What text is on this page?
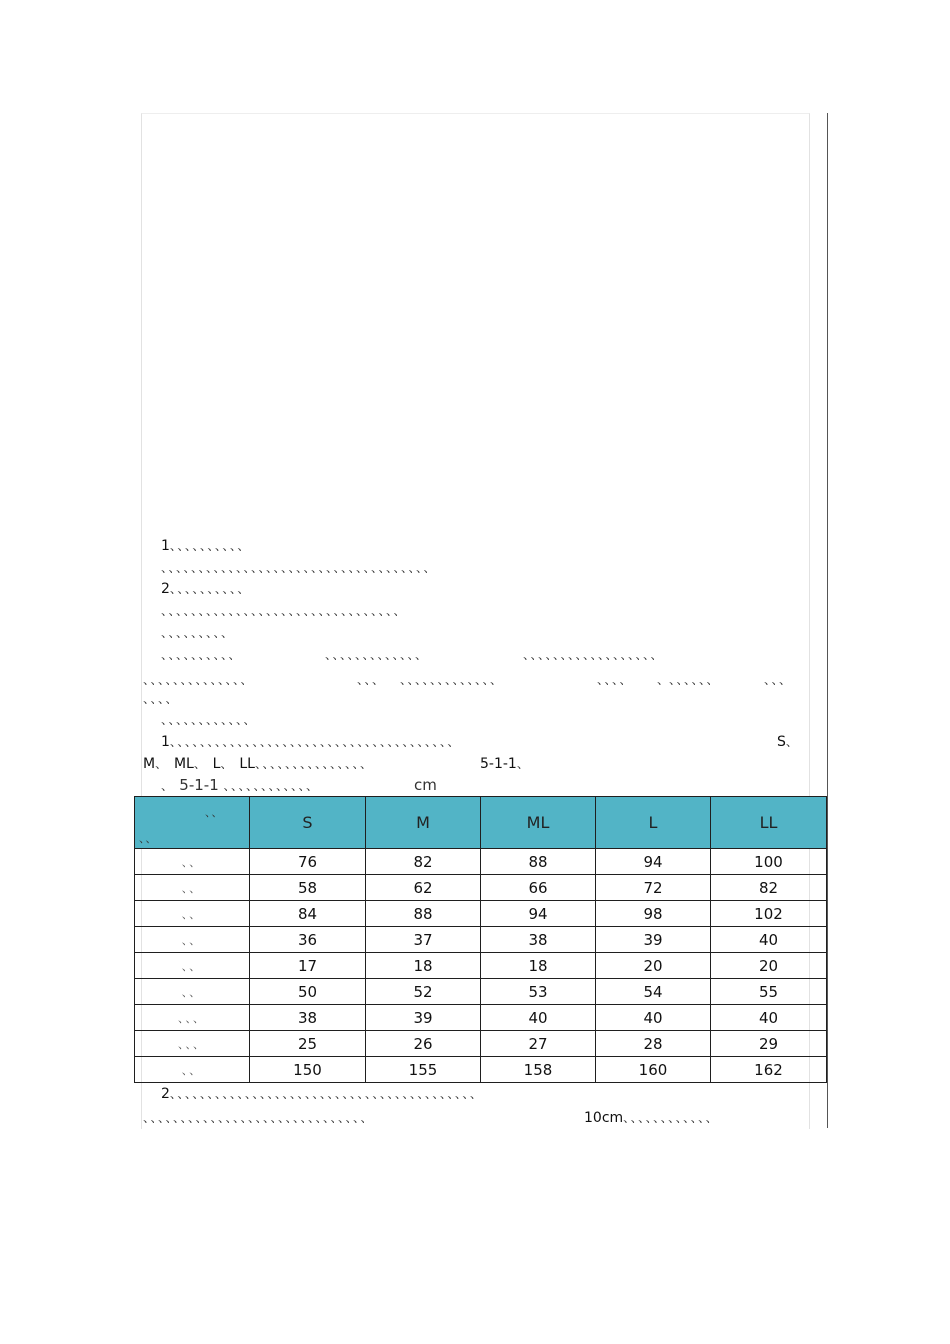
1、、、、、、、、、、
、、、、、、、、、、、、、、、、、、、、、、、、、、、、、、、、、、、、
2、、、、、、、、、、
、、、、、、、、、、、、、、、、、、、、、、、、、、、、、、、、
、、、、、、、、、
、、、、、、、、、、	、、、、、、、、、、、、、	、、、、、、、、、、、、、、、、、、
、、、、、、、、、、、、、、	、、、 、、、、、、、、、、、、、	、、、、 、
、、、、、、	、、、
、、、、
、、、、、、、、、、、、
1、、、、、、、、、、、、、、、、、、、、、、、、、、、、、、、、、、、、、、	S、
M、 ML、 L、 LL、、、、、、、、、、、、、、、	5-1-1、
、 5-1-1 、、、、、、、、、、、、	cm
、、
、、	S	M	ML	L	LL
、、	76	82	88	94	100
、、	58	62	66	72	82
、、	84	88	94	98	102
、、	36	37	38	39	40
、、	17	18	18	20	20
、、	50	52	53	54	55
、、、	38	39	40	40	40
、、、	25	26	27	28	29
、、	150	155	158	160	162
2、、、、、、、、、、、、、、、、、、、、、、、、、、、、、、、、、、、、、、、、、
、、、、、、、、、、、、、、、、、、、、、、、、、、、、、、	10cm、、、、、、、、、、、、
